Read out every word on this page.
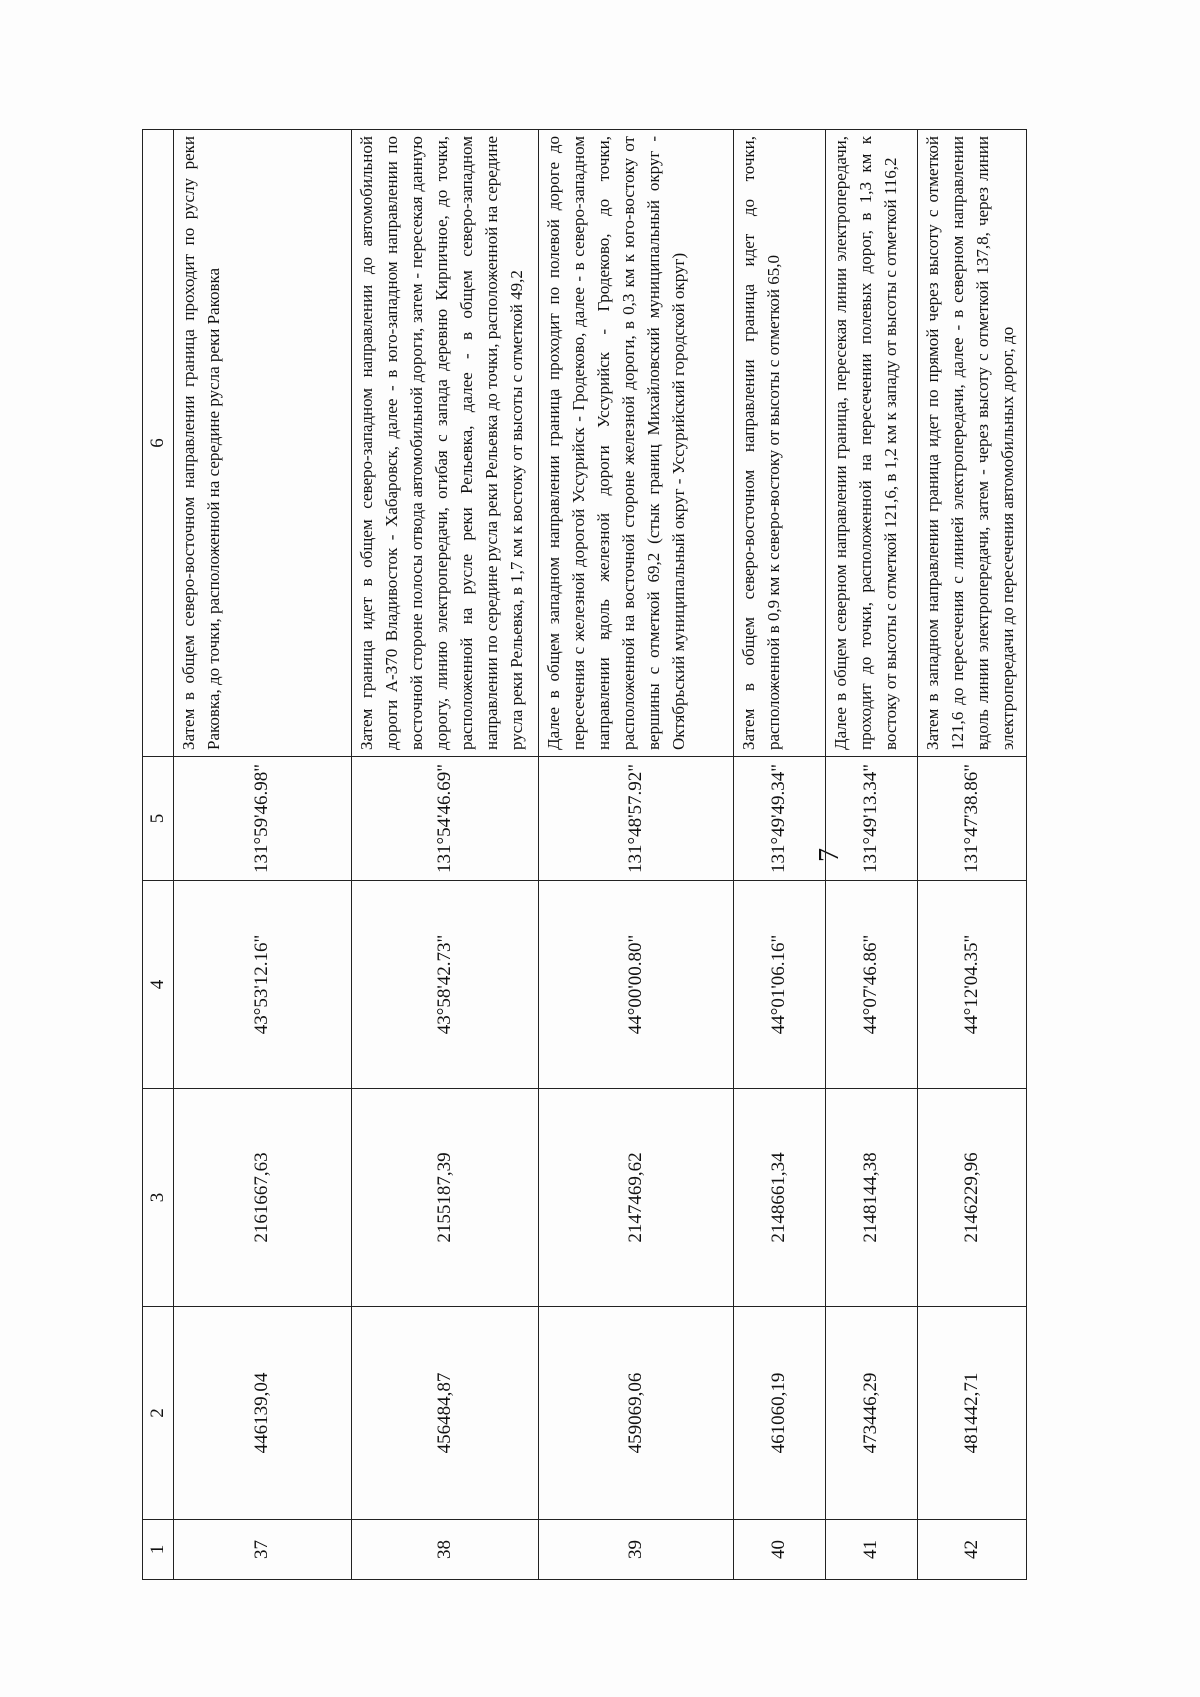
7
1	2	3	4	5	6
37	446139,04	2161667,63	43°53'12.16"	131°59'46.98"	Затем в общем северо-восточном направлении граница проходит по руслу реки Раковка, до точки, расположенной на середине русла реки Раковка
38	456484,87	2155187,39	43°58'42.73"	131°54'46.69"	Затем граница идет в общем северо-западном направлении до автомобильной дороги А-370 Владивосток - Хабаровск, далее - в юго-западном направлении по восточной стороне полосы отвода автомобильной дороги, затем - пересекая данную дорогу, линию электропередачи, огибая с запада деревню Кирпичное, до точки, расположенной на русле реки Рельевка, далее - в общем северо-западном направлении по середине русла реки Рельевка до точки, расположенной на середине русла реки Рельевка, в 1,7 км к востоку от высоты с отметкой 49,2
39	459069,06	2147469,62	44°00'00.80"	131°48'57.92"	Далее в общем западном направлении граница проходит по полевой дороге до пересечения с железной дорогой Уссурийск - Гродеково, далее - в северо-западном направлении вдоль железной дороги Уссурийск - Гродеково, до точки, расположенной на восточной стороне железной дороги, в 0,3 км к юго-востоку от вершины с отметкой 69,2 (стык границ Михайловский муниципальный округ - Октябрьский муниципальный округ - Уссурийский городской округ)
40	461060,19	2148661,34	44°01'06.16"	131°49'49.34"	Затем в общем северо-восточном направлении граница идет до точки, расположенной в 0,9 км к северо-востоку от высоты с отметкой 65,0
41	473446,29	2148144,38	44°07'46.86"	131°49'13.34"	Далее в общем северном направлении граница, пересекая линии электропередачи, проходит до точки, расположенной на пересечении полевых дорог, в 1,3 км к востоку от высоты с отметкой 121,6, в 1,2 км к западу от высоты с отметкой 116,2
42	481442,71	2146229,96	44°12'04.35"	131°47'38.86"	Затем в западном направлении граница идет по прямой через высоту с отметкой 121,6 до пересечения с линией электропередачи, далее - в северном направлении вдоль линии электропередачи, затем - через высоту с отметкой 137,8, через линии электропередачи до пересечения автомобильных дорог, до
